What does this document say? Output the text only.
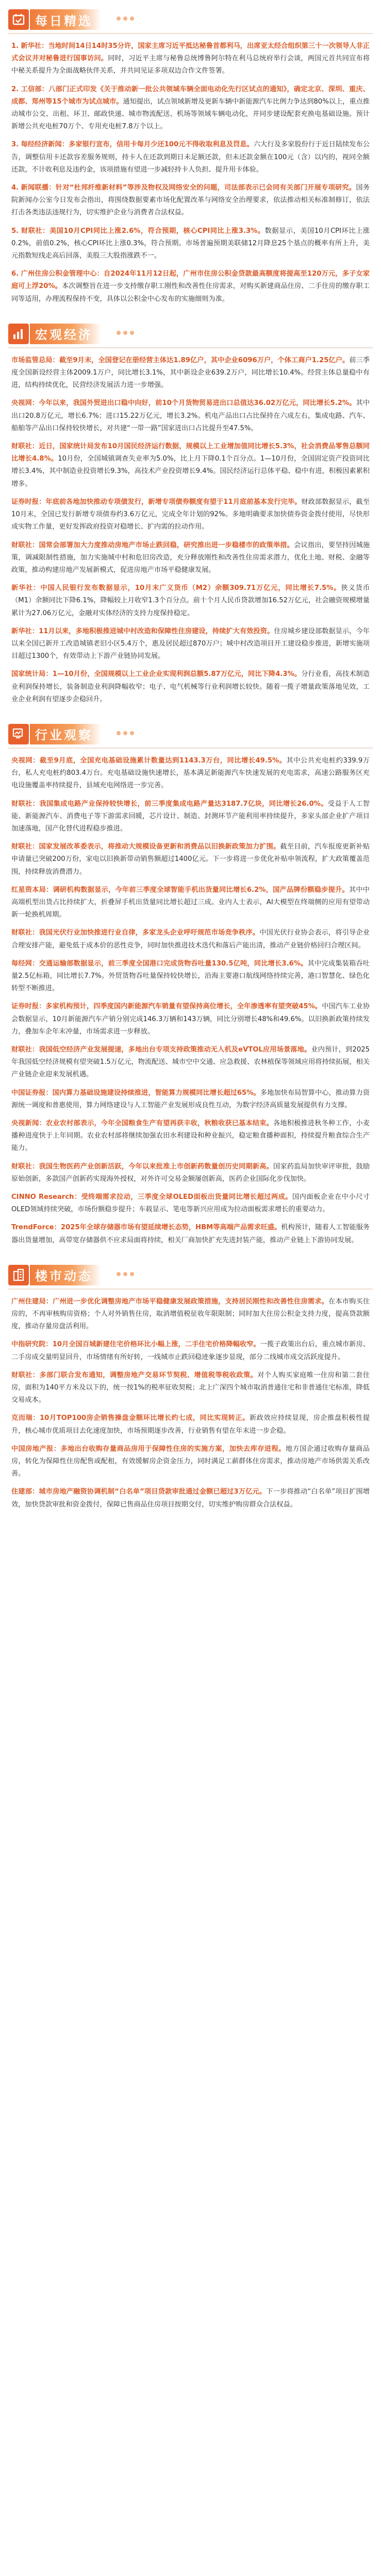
每日精选

1. 新华社：当地时间14日14时35分许，国家主席习近平抵达秘鲁首都利马，出席亚太经合组织第三十一次领导人非正式会议并对秘鲁进行国事访问。同时，习近平主席与秘鲁总统博鲁阿尔特在利马总统府举行会谈，两国元首共同宣布将中秘关系提升为全面战略伙伴关系，并共同见证多项双边合作文件签署。

2. 工信部：八部门正式印发《关于推动新一批公共领域车辆全面电动化先行区试点的通知》，确定北京、深圳、重庆、成都、郑州等15个城市为试点城市。通知提出，试点领域新增及更新车辆中新能源汽车比例力争达到80%以上，重点推动城市公交、出租、环卫、邮政快递、城市物流配送、机场等领域车辆电动化，并同步建设配套充换电基础设施。预计新增公共充电桩70万个、专用充电桩7.8万个以上。

3. 每经经济新闻：多家银行宣布，信用卡每月少还100元不得收取利息及罚息。六大行及多家股份行于近日陆续发布公告，调整信用卡还款容差服务规则，持卡人在还款到期日未足额还款，但未还款金额在100元（含）以内的，视同全额还款，不计收利息及违约金，该项措施有望进一步减轻持卡人负担、提升用卡体验。

4. 新闻联播：针对“杜邦纤维新材料”等涉及物权及网络安全的问题，司法部表示已会同有关部门开展专项研究。国务院新闻办公室今日发布会指出，将围绕数据要素市场化配置改革与网络安全治理要求，依法推动相关标准制修订，依法打击各类违法违规行为，切实维护企业与消费者合法权益。

5. 财联社：美国10月CPI同比上涨2.6%，符合预期，核心CPI同比上涨3.3%。数据显示，美国10月CPI环比上涨0.2%，前值0.2%，核心CPI环比上涨0.3%，符合预期。市场普遍预期美联储12月降息25个基点的概率有所上升，美元指数短线走高后回落，美股三大股指涨跌不一。

6. 广州住房公积金管理中心：自2024年11月12日起，广州市住房公积金贷款最高额度将提高至120万元，多子女家庭可上浮20%。本次调整旨在进一步支持缴存职工刚性和改善性住房需求，对购买新建商品住房、二手住房的缴存职工同等适用，办理流程保持不变，具体以公积金中心发布的实施细则为准。

宏观经济

市场监管总局：截至9月末，全国登记在册经营主体达1.89亿户，其中企业6096万户，个体工商户1.25亿户。前三季度全国新设经营主体2009.1万户，同比增长3.1%，其中新设企业639.2万户，同比增长10.4%。经营主体总量稳中有进，结构持续优化，民营经济发展活力进一步增强。

央视网：今年以来，我国外贸进出口稳中向好，前10个月货物贸易进出口总值达36.02万亿元，同比增长5.2%。其中出口20.8万亿元，增长6.7%；进口15.22万亿元，增长3.2%。机电产品出口占比保持在六成左右，集成电路、汽车、船舶等产品出口保持较快增长，对共建“一带一路”国家进出口占比提升至47.5%。

财联社：近日，国家统计局发布10月国民经济运行数据，规模以上工业增加值同比增长5.3%，社会消费品零售总额同比增长4.8%。10月份，全国城镇调查失业率为5.0%，比上月下降0.1个百分点。1—10月份，全国固定资产投资同比增长3.4%，其中制造业投资增长9.3%，高技术产业投资增长9.4%。国民经济运行总体平稳、稳中有进，积极因素累积增多。

证券时报：年底前各地加快推动专项债发行，新增专项债券额度有望于11月底前基本发行完毕。财政部数据显示，截至10月末，全国已发行新增专项债券约3.6万亿元，完成全年计划的92%。多地明确要求加快债券资金拨付使用，尽快形成实物工作量，更好发挥政府投资对稳增长、扩内需的拉动作用。

财联社：国常会部署加大力度推动房地产市场止跌回稳，研究推出进一步稳楼市的政策举措。会议指出，要坚持因城施策，调减限制性措施，加力实施城中村和危旧房改造，充分释放刚性和改善性住房需求潜力，优化土地、财税、金融等政策，推动构建房地产发展新模式，促进房地产市场平稳健康发展。

新华社：中国人民银行发布数据显示，10月末广义货币（M2）余额309.71万亿元，同比增长7.5%。狭义货币（M1）余额同比下降6.1%，降幅较上月收窄1.3个百分点。前十个月人民币贷款增加16.52万亿元，社会融资规模增量累计为27.06万亿元，金融对实体经济的支持力度保持稳定。

新华社：11月以来，多地积极推进城中村改造和保障性住房建设，持续扩大有效投资。住房城乡建设部数据显示，今年以来全国已新开工改造城镇老旧小区5.4万个，惠及居民超过870万户；城中村改造项目开工建设稳步推进，新增实施项目超过1300个，有效带动上下游产业链协同发展。

国家统计局：1—10月份，全国规模以上工业企业实现利润总额5.87万亿元，同比下降4.3%。分行业看，高技术制造业利润保持增长，装备制造业利润降幅收窄；电子、电气机械等行业利润增长较快。随着一揽子增量政策落地见效，工业企业利润有望逐步企稳回升。

行业观察

央视网：截至9月底，全国充电基础设施累计数量达到1143.3万台，同比增长49.5%。其中公共充电桩约339.9万台，私人充电桩约803.4万台。充电基础设施快速增长，基本满足新能源汽车快速发展的充电需求，高速公路服务区充电设施覆盖率持续提升，县域充电网络进一步完善。

财联社：我国集成电路产业保持较快增长，前三季度集成电路产量达3187.7亿块，同比增长26.0%。受益于人工智能、新能源汽车、消费电子等下游需求回暖，芯片设计、制造、封测环节产能利用率持续提升，多家头部企业扩产项目加速落地，国产化替代进程稳步推进。

财联社：国家发展改革委表示，将推动大规模设备更新和消费品以旧换新政策加力扩围。截至目前，汽车报废更新补贴申请量已突破200万份，家电以旧换新带动销售额超过1400亿元。下一步将进一步优化补贴申领流程，扩大政策覆盖范围，持续释放消费潜力。

红星资本局：调研机构数据显示，今年前三季度全球智能手机出货量同比增长6.2%，国产品牌份额稳步提升。其中中高端机型出货占比持续扩大，折叠屏手机出货量同比增长超过三成。业内人士表示，AI大模型在终端侧的应用有望带动新一轮换机周期。

财联社：我国光伏行业加快推进行业自律，多家龙头企业呼吁规范市场竞争秩序。中国光伏行业协会表示，将引导企业合理安排产能，避免低于成本价的恶性竞争，同时加快推进技术迭代和落后产能出清，推动产业链价格回归合理区间。

每经网：交通运输部数据显示，前三季度全国港口完成货物吞吐量130.5亿吨，同比增长3.6%。其中完成集装箱吞吐量2.5亿标箱，同比增长7.7%。外贸货物吞吐量保持较快增长，沿海主要港口航线网络持续完善，港口智慧化、绿色化转型不断推进。

证券时报：多家机构预计，四季度国内新能源汽车销量有望保持高位增长，全年渗透率有望突破45%。中国汽车工业协会数据显示，10月新能源汽车产销分别完成146.3万辆和143万辆，同比分别增长48%和49.6%。以旧换新政策持续发力，叠加车企年末冲量，市场需求进一步释放。

财联社：我国低空经济产业发展提速，多地出台专项支持政策推动无人机及eVTOL应用场景落地。业内预计，到2025年我国低空经济规模有望突破1.5万亿元，物流配送、城市空中交通、应急救援、农林植保等领域应用将持续拓展，相关产业链企业迎来发展机遇。

中国证券报：国内算力基础设施建设持续推进，智能算力规模同比增长超过65%。多地加快布局智算中心，推动算力资源统一调度和普惠使用，算力网络建设与人工智能产业发展形成良性互动，为数字经济高质量发展提供有力支撑。

央视新闻：农业农村部表示，今年全国粮食生产有望再获丰收，秋粮收获已基本结束。各地积极推进秋冬种工作，小麦播种进度快于上年同期。农业农村部将继续加强农田水利建设和种业振兴，稳定粮食播种面积，持续提升粮食综合生产能力。

财联社：我国生物医药产业创新活跃，今年以来批准上市创新药数量创历史同期新高。国家药监局加快审评审批，鼓励原始创新，多款国产创新药实现海外授权，对外许可交易金额屡创新高，医药企业国际化步伐加快。

CINNO Research：受终端需求拉动，三季度全球OLED面板出货量同比增长超过两成。国内面板企业在中小尺寸OLED领域持续突破，市场份额稳步提升；车载显示、笔电等新兴应用成为拉动面板需求增长的重要动力。

TrendForce：2025年全球存储器市场有望延续增长态势，HBM等高端产品需求旺盛。机构预计，随着人工智能服务器出货量增加，高带宽存储器供不应求局面将持续，相关厂商加快扩充先进封装产能，推动产业链上下游协同发展。

楼市动态

广州住建局：广州进一步优化调整房地产市场平稳健康发展政策措施，支持居民刚性和改善性住房需求。在本市购买住房的，不再审核购房资格；个人对外销售住房，取消增值税征收年限限制；同时加大住房公积金支持力度，提高贷款额度，推动存量房盘活利用。

中指研究院：10月全国百城新建住宅价格环比小幅上涨，二手住宅价格降幅收窄。一揽子政策出台后，重点城市新房、二手房成交量明显回升，市场情绪有所好转，一线城市止跌回稳迹象逐步显现，部分二线城市成交活跃度提升。

财联社：多部门联合发布通知，调整房地产交易环节契税、增值税等税收政策。对个人购买家庭唯一住房和第二套住房，面积为140平方米及以下的，统一按1%的税率征收契税；北上广深四个城市取消普通住宅和非普通住宅标准，降低交易成本。

克而瑞：10月TOP100房企销售操盘金额环比增长约七成，同比实现转正。新政效应持续显现，房企推盘积极性提升，核心城市优质项目去化速度加快，市场预期逐步改善，行业销售有望在年末进一步企稳。

中国房地产报：多地出台收购存量商品房用于保障性住房的实施方案，加快去库存进程。地方国企通过收购存量商品房，转化为保障性住房配售或配租，有效缓解房企资金压力，同时满足工薪群体住房需求，推动房地产市场供需关系改善。

住建部：城市房地产融资协调机制“白名单”项目贷款审批通过金额已超过3万亿元。下一步将推动“白名单”项目扩围增效，加快贷款审批和资金拨付，保障已售商品住房项目按期交付，切实维护购房群众合法权益。
